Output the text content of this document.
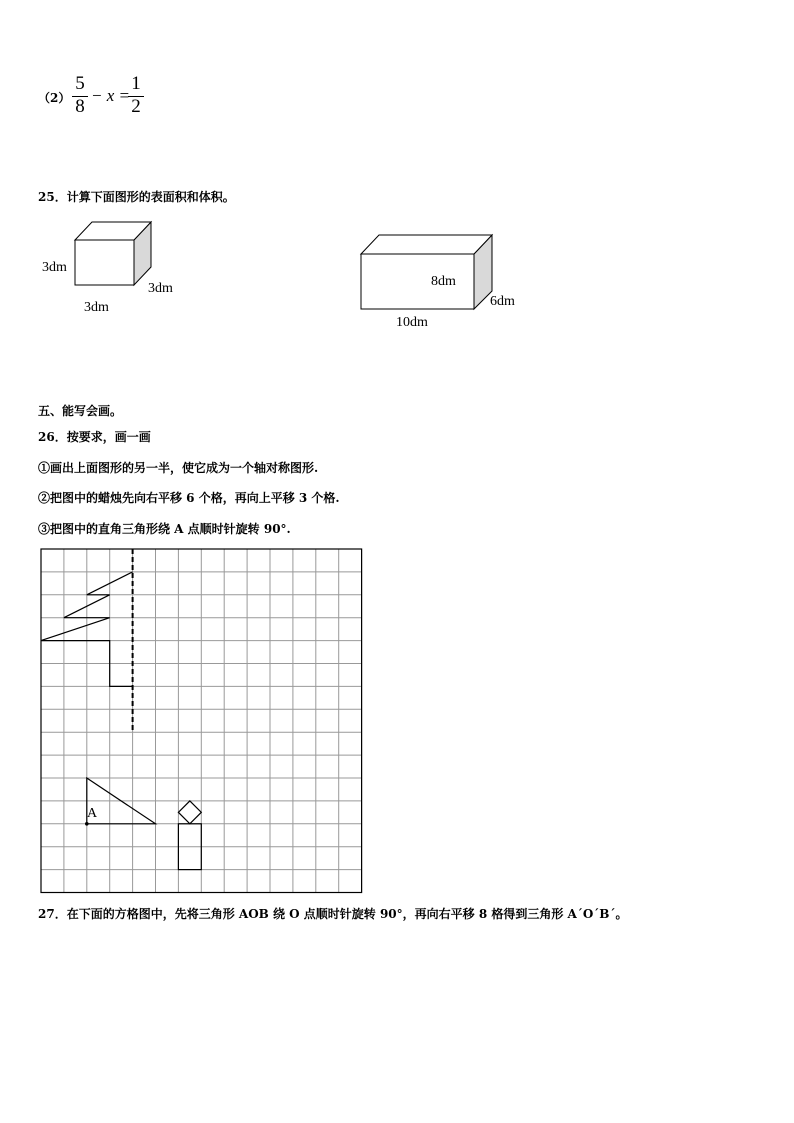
（2）
5
8
− x =
1
2
25．计算下面图形的表面积和体积。
3dm
3dm
3dm
8dm
6dm
10dm
五、能写会画。
26．按要求，画一画
①画出上面图形的另一半，使它成为一个轴对称图形.
②把图中的蜡烛先向右平移 6 个格，再向上平移 3 个格.
③把图中的直角三角形绕 A 点顺时针旋转 90°.
A
27．在下面的方格图中，先将三角形 AOB 绕 O 点顺时针旋转 90°，再向右平移 8 格得到三角形 A´O´B´。
